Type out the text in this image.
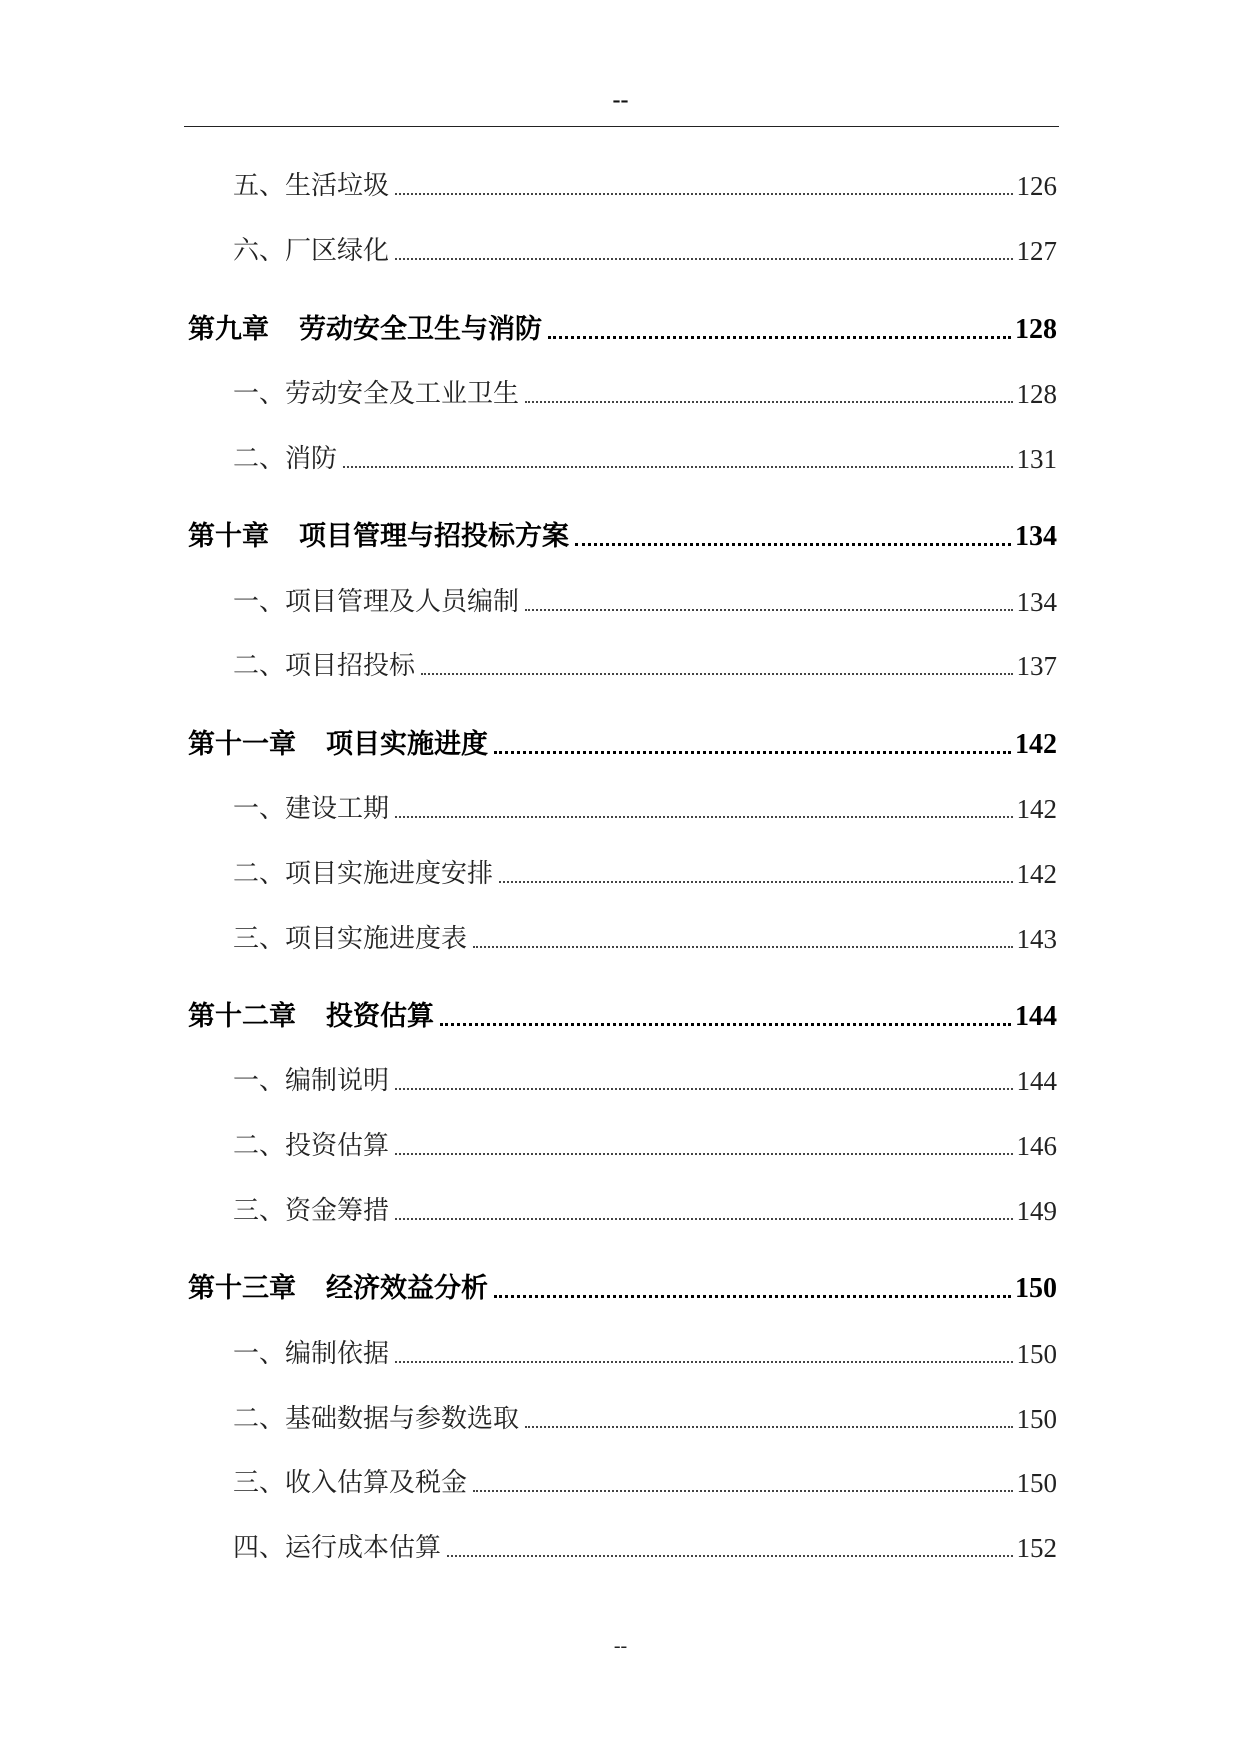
--
五、生活垃圾	126
六、厂区绿化	127
第九章 劳动安全卫生与消防	128
一、劳动安全及工业卫生	128
二、消防	131
第十章 项目管理与招投标方案	134
一、项目管理及人员编制	134
二、项目招投标	137
第十一章 项目实施进度	142
一、建设工期	142
二、项目实施进度安排	142
三、项目实施进度表	143
第十二章 投资估算	144
一、编制说明	144
二、投资估算	146
三、资金筹措	149
第十三章 经济效益分析	150
一、编制依据	150
二、基础数据与参数选取	150
三、收入估算及税金	150
四、运行成本估算	152
--
